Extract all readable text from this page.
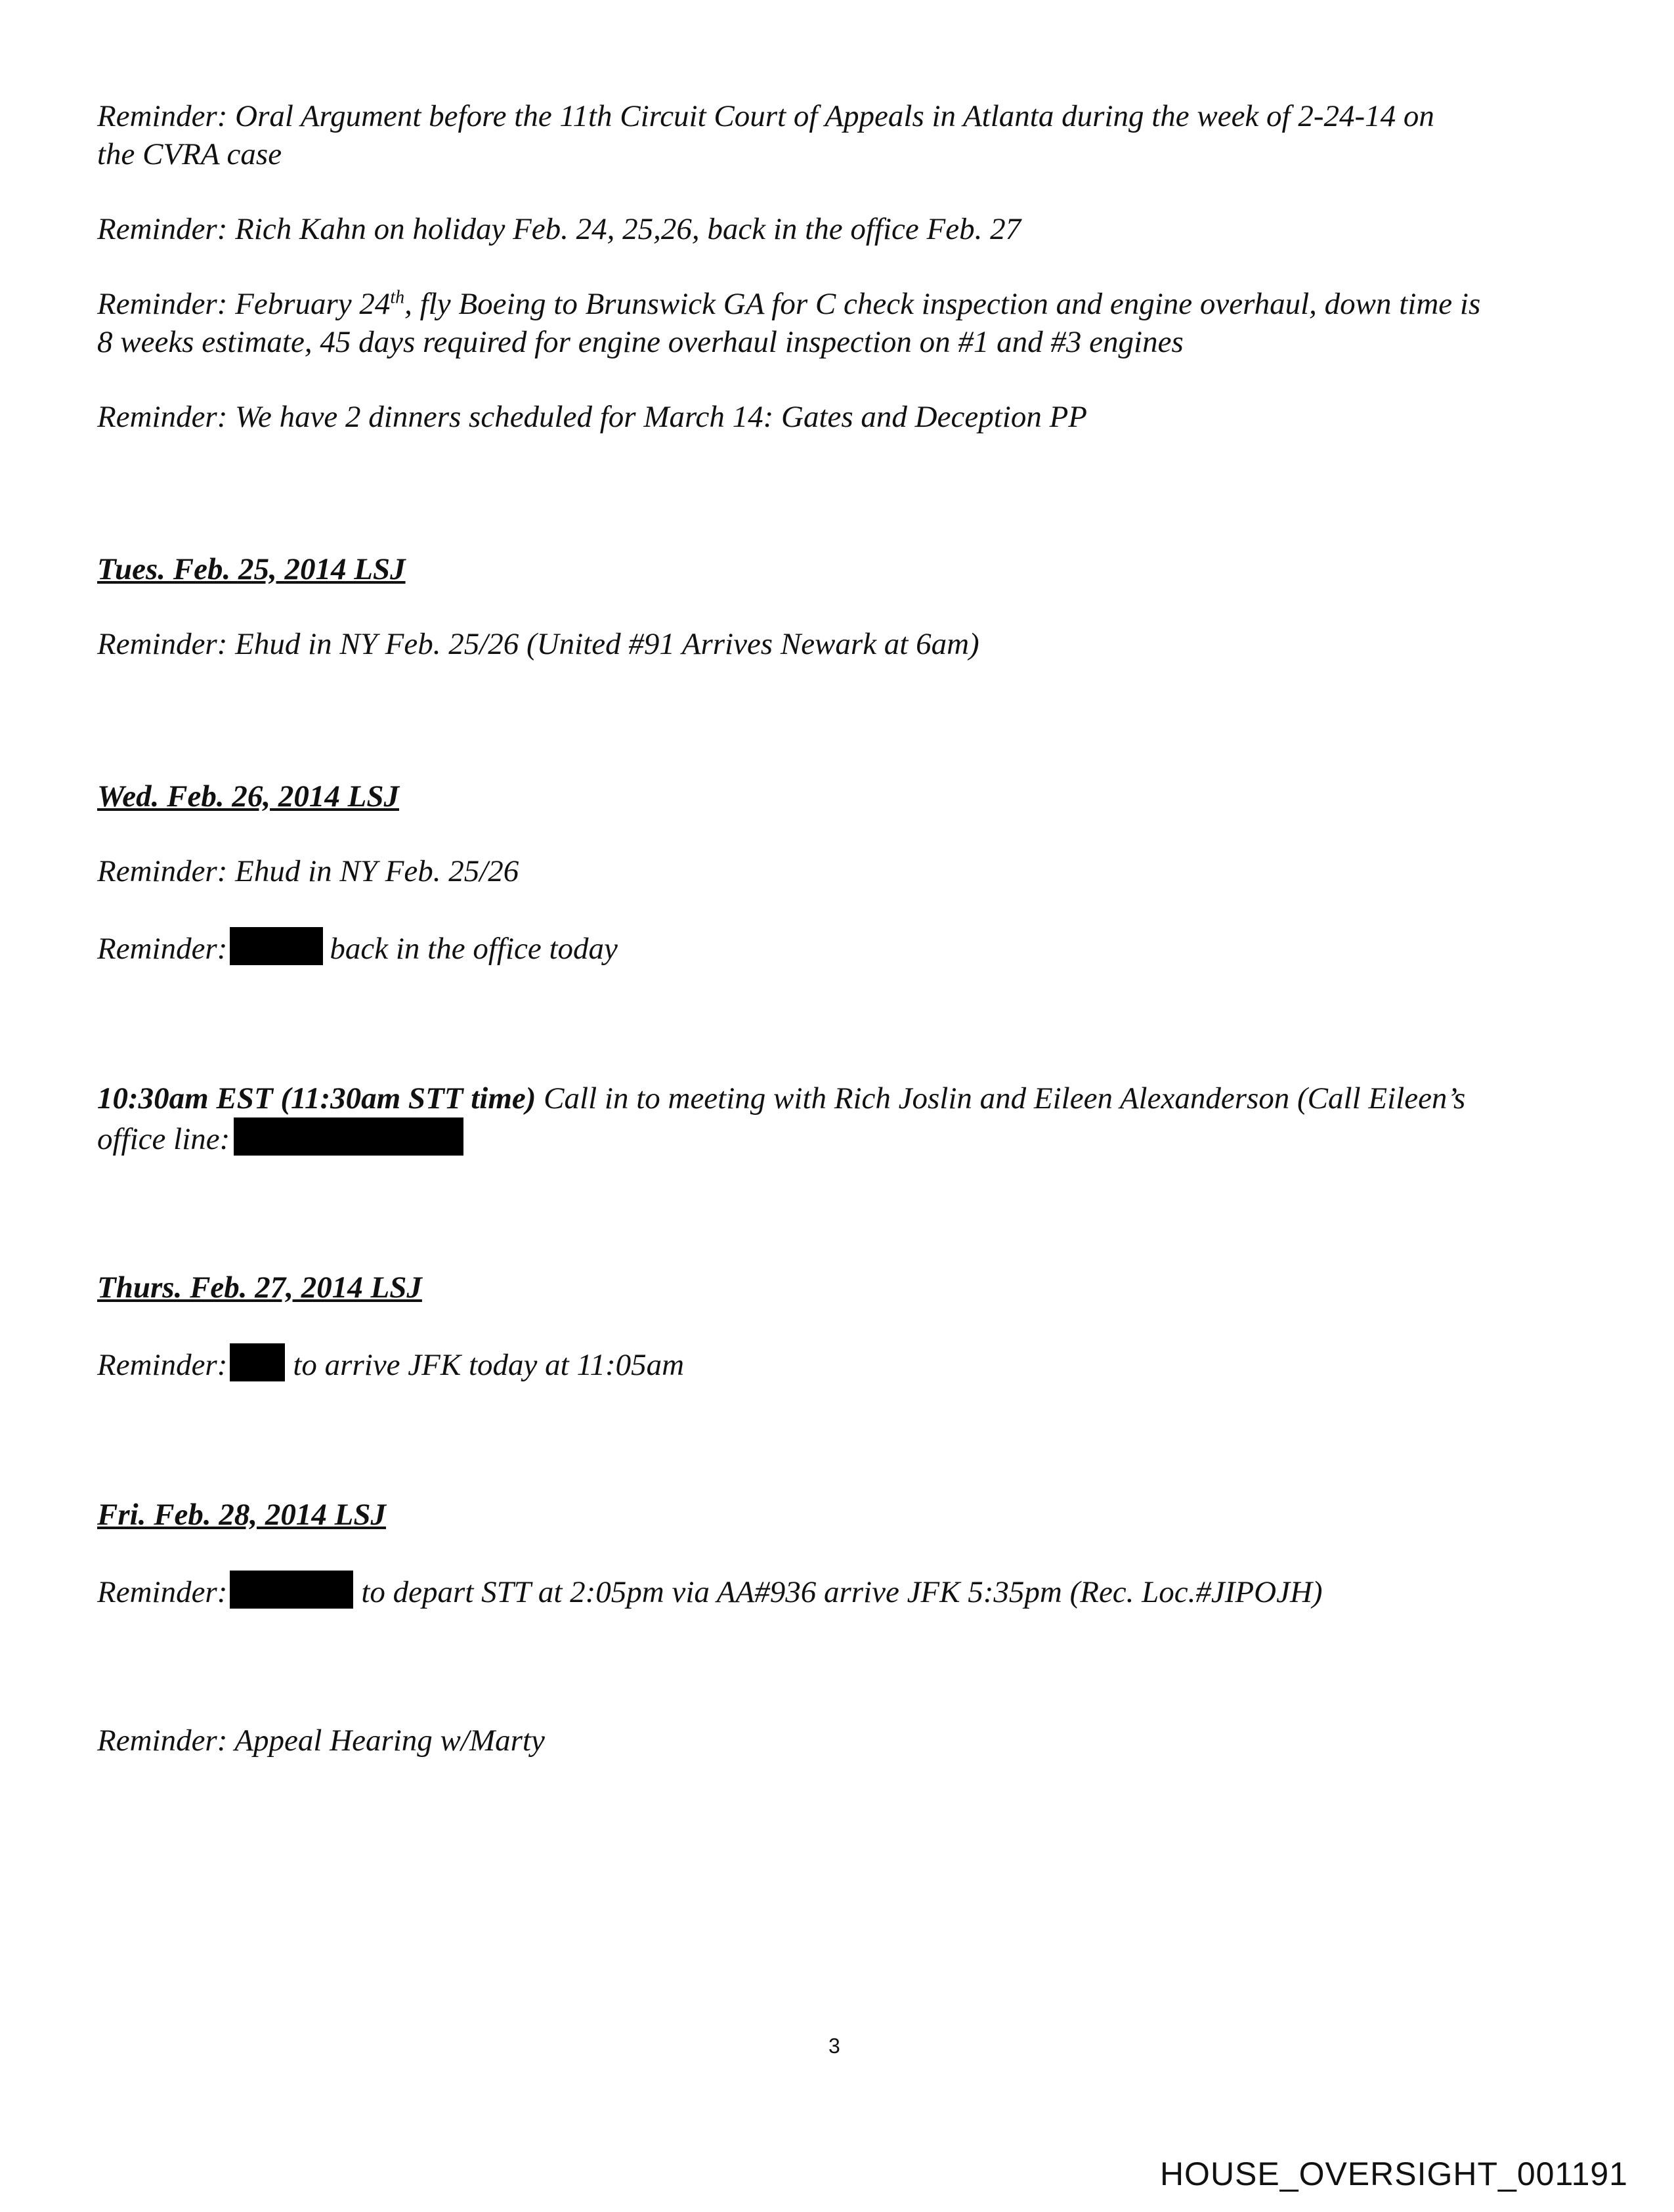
Reminder: Oral Argument before the 11th Circuit Court of Appeals in Atlanta during the week of 2-24-14 on
the CVRA case
Reminder: Rich Kahn on holiday Feb. 24, 25,26, back in the office Feb. 27
Reminder: February 24th, fly Boeing to Brunswick GA for C check inspection and engine overhaul, down time is
8 weeks estimate, 45 days required for engine overhaul inspection on #1 and #3 engines
Reminder: We have 2 dinners scheduled for March 14: Gates and Deception PP
Tues. Feb. 25, 2014 LSJ
Reminder: Ehud in NY Feb. 25/26 (United #91 Arrives Newark at 6am)
Wed. Feb. 26, 2014 LSJ
Reminder: Ehud in NY Feb. 25/26
Reminder:	back in the office today
10:30am EST (11:30am STT time) Call in to meeting with Rich Joslin and Eileen Alexanderson (Call Eileen’s
office line:
Thurs. Feb. 27, 2014 LSJ
Reminder: to arrive JFK today at 11:05am
Fri. Feb. 28, 2014 LSJ
Reminder:	to depart STT at 2:05pm via AA#936 arrive JFK 5:35pm (Rec. Loc.#JIPOJH)
Reminder: Appeal Hearing w/Marty
3
HOUSE_OVERSIGHT_001191
